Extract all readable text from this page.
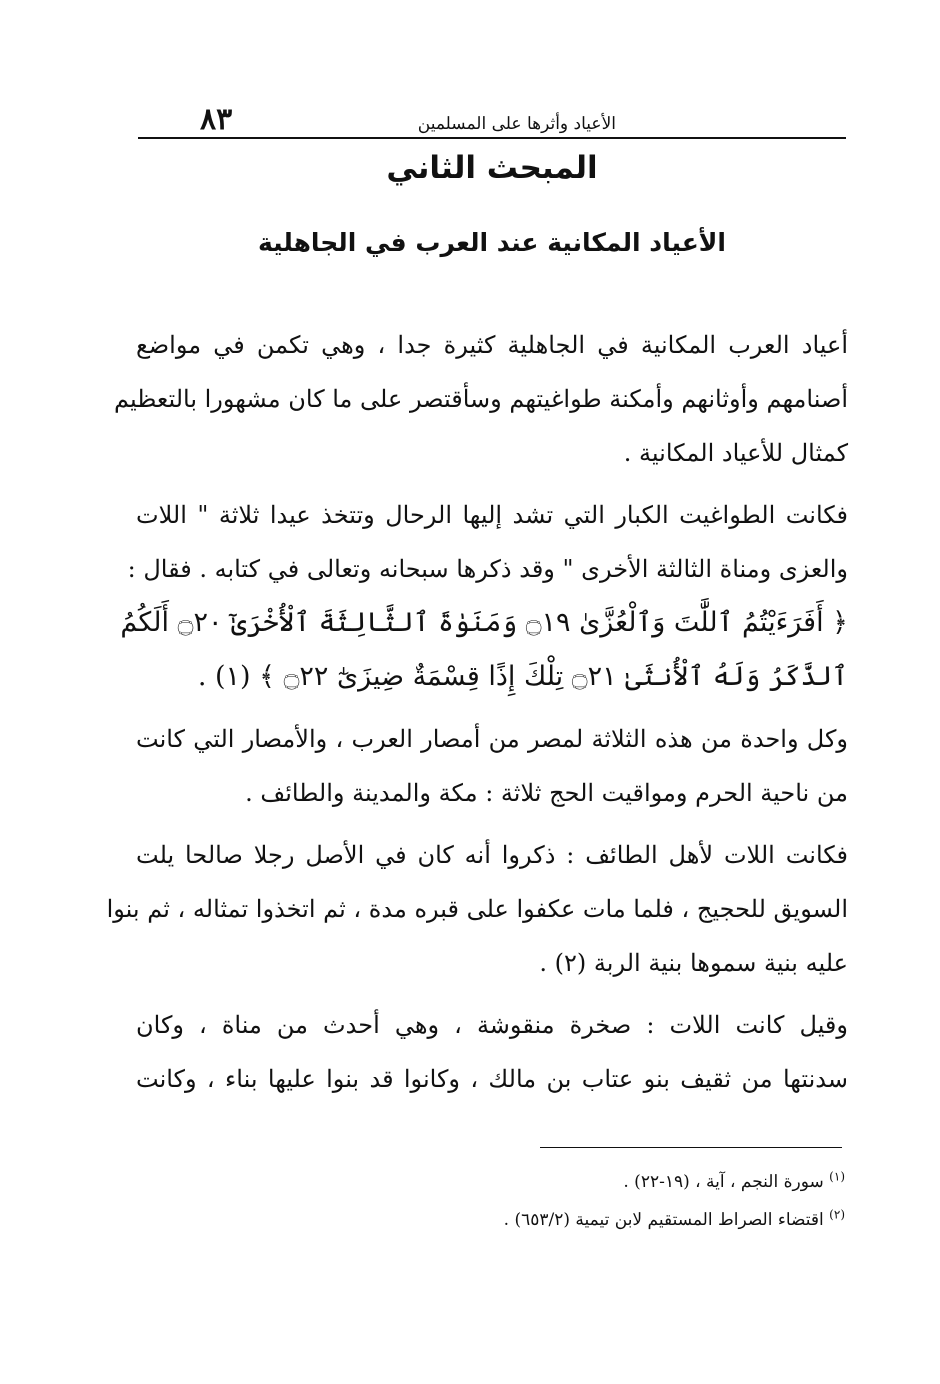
٨٣	الأعياد وأثرها على المسلمين
المبحث الثاني
الأعياد المكانية عند العرب في الجاهلية
أعياد العرب المكانية في الجاهلية كثيرة جدا ، وهي تكمن في مواضع
أصنامهم وأوثانهم وأمكنة طواغيتهم وسأقتصر على ما كان مشهورا بالتعظيم
كمثال للأعياد المكانية .
فكانت الطواغيت الكبار التي تشد إليها الرحال وتتخذ عيدا ثلاثة " اللات
والعزى ومناة الثالثة الأخرى " وقد ذكرها سبحانه وتعالى في كتابه . فقال :
﴿ أَفَرَءَيْتُمُ ٱللَّٰتَ وَٱلْعُزَّىٰ ۝١٩ وَمَنَوٰةَ ٱلثَّالِثَةَ ٱلْأُخْرَىٰٓ ۝٢٠ أَلَكُمُ
ٱلذَّكَرُ وَلَهُ ٱلْأُنثَىٰ ۝٢١ تِلْكَ إِذًا قِسْمَةٌ ضِيزَىٰٓ ۝٢٢ ﴾ (١) .
وكل واحدة من هذه الثلاثة لمصر من أمصار العرب ، والأمصار التي كانت
من ناحية الحرم ومواقيت الحج ثلاثة : مكة والمدينة والطائف .
فكانت اللات لأهل الطائف : ذكروا أنه كان في الأصل رجلا صالحا يلت
السويق للحجيج ، فلما مات عكفوا على قبره مدة ، ثم اتخذوا تمثاله ، ثم بنوا
عليه بنية سموها بنية الربة (٢) .
وقيل كانت اللات : صخرة منقوشة ، وهي أحدث من مناة ، وكان
سدنتها من ثقيف بنو عتاب بن مالك ، وكانوا قد بنوا عليها بناء ، وكانت
$^{(١)}$ سورة النجم ، آية ، (١٩-٢٢) .
$^{(٢)}$ اقتضاء الصراط المستقيم لابن تيمية (٦٥٣/٢) .
